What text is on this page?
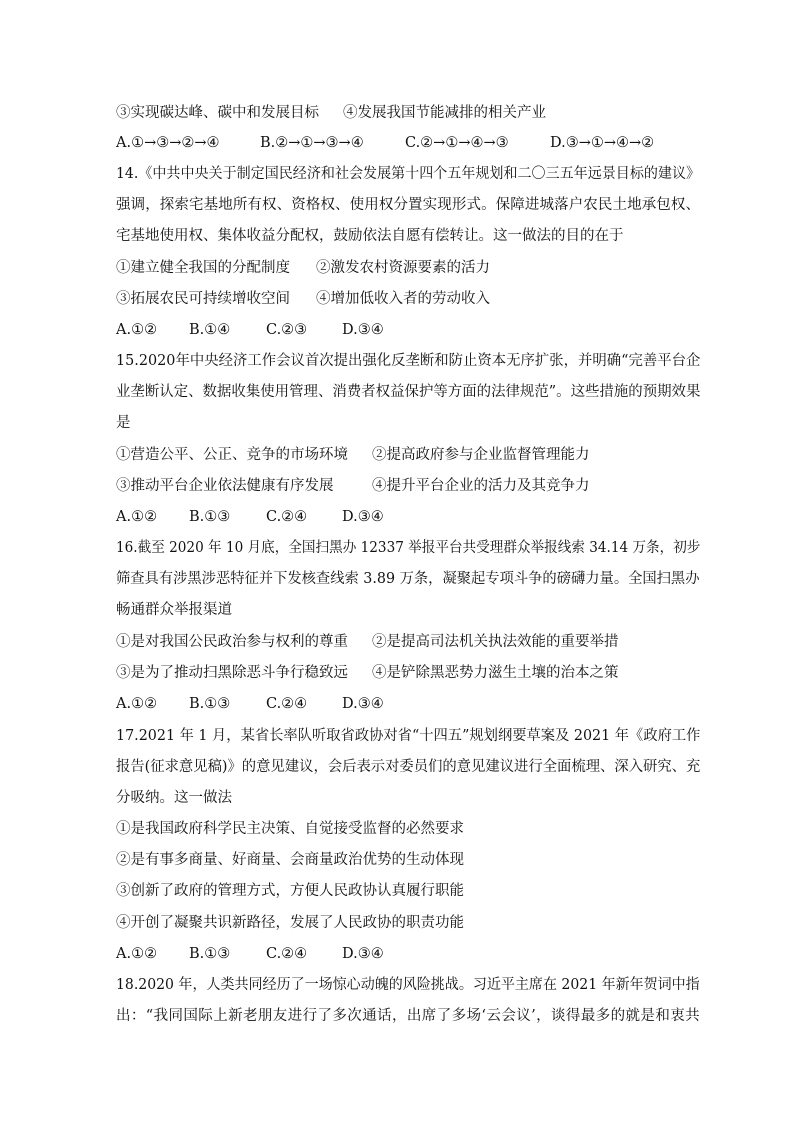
③实现碳达峰、碳中和发展目标 ④发展我国节能减排的相关产业
A.①→③→②→④	B.②→①→③→④	C.②→①→④→③	D.③→①→④→②
14.《中共中央关于制定国民经济和社会发展第十四个五年规划和二〇三五年远景目标的建议》
强调，探索宅基地所有权、资格权、使用权分置实现形式。保障进城落户农民土地承包权、
宅基地使用权、集体收益分配权，鼓励依法自愿有偿转让。这一做法的目的在于
①建立健全我国的分配制度 ②激发农村资源要素的活力
③拓展农民可持续增收空间 ④增加低收入者的劳动收入
A.①② B.①④ C.②③ D.③④
15.2020年中央经济工作会议首次提出强化反垄断和防止资本无序扩张，并明确“完善平台企
业垄断认定、数据收集使用管理、消费者权益保护等方面的法律规范”。这些措施的预期效果
是
①营造公平、公正、竞争的市场环境 ②提高政府参与企业监督管理能力
③推动平台企业依法健康有序发展	④提升平台企业的活力及其竞争力
A.①② B.①③ C.②④ D.③④
16.截至 2020 年 10 月底，全国扫黑办 12337 举报平台共受理群众举报线索 34.14 万条，初步
筛查具有涉黑涉恶特征并下发核查线索 3.89 万条，凝聚起专项斗争的磅礴力量。全国扫黑办
畅通群众举报渠道
①是对我国公民政治参与权利的尊重 ②是提高司法机关执法效能的重要举措
③是为了推动扫黑除恶斗争行稳致远 ④是铲除黑恶势力滋生土壤的治本之策
A.①② B.①③ C.②④ D.③④
17.2021 年 1 月，某省长率队听取省政协对省“十四五”规划纲要草案及 2021 年《政府工作
报告(征求意见稿)》的意见建议，会后表示对委员们的意见建议进行全面梳理、深入研究、充
分吸纳。这一做法
①是我国政府科学民主决策、自觉接受监督的必然要求
②是有事多商量、好商量、会商量政治优势的生动体现
③创新了政府的管理方式，方便人民政协认真履行职能
④开创了凝聚共识新路径，发展了人民政协的职责功能
A.①② B.①③ C.②④ D.③④
18.2020 年，人类共同经历了一场惊心动魄的风险挑战。习近平主席在 2021 年新年贺词中指
出：“我同国际上新老朋友进行了多次通话，出席了多场‘云会议’，谈得最多的就是和衷共
